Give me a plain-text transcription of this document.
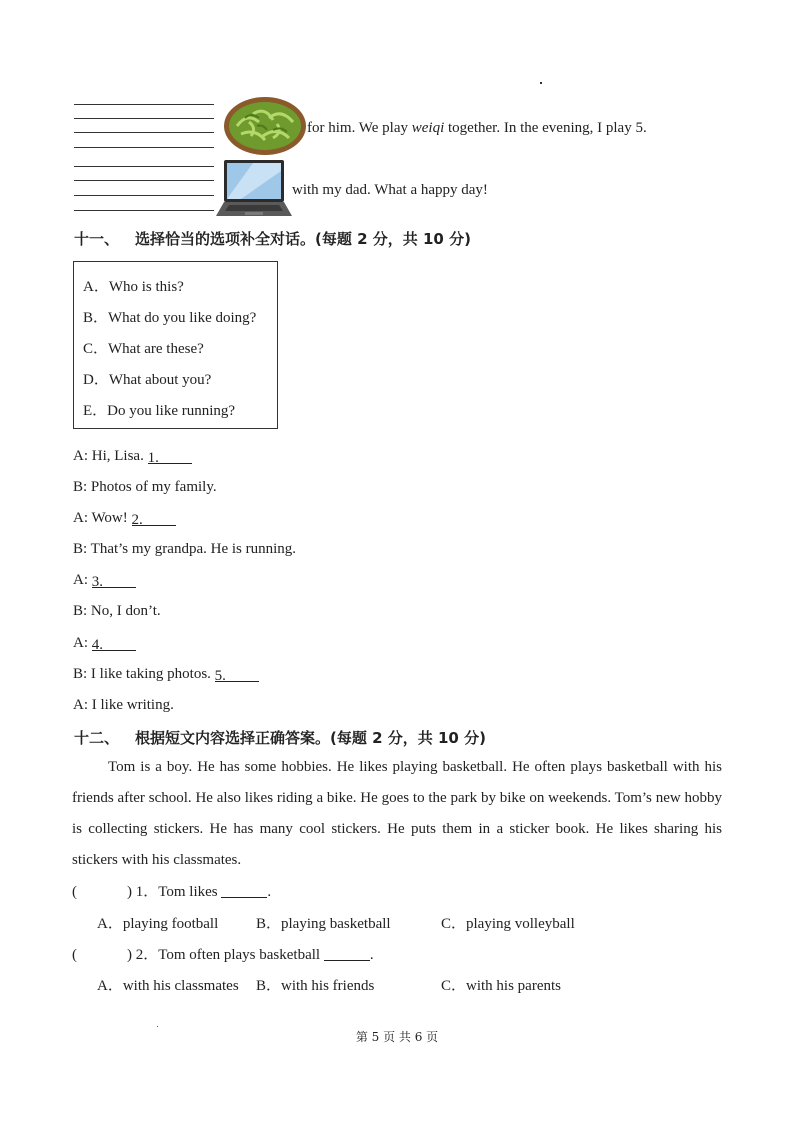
for him. We play weiqi together. In the evening, I play 5.
with my dad. What a happy day!
十一、 选择恰当的选项补全对话。(每题 2 分，共 10 分)
A．Who is this?
B．What do you like doing?
C．What are these?
D．What about you?
E．Do you like running?
A: Hi, Lisa. 1.
B: Photos of my family.
A: Wow! 2.
B: That’s my grandpa. He is running.
A: 3.
B: No, I don’t.
A: 4.
B: I like taking photos. 5.
A: I like writing.
十二、 根据短文内容选择正确答案。(每题 2 分，共 10 分)
Tom is a boy. He has some hobbies. He likes playing basketball. He often plays basketball with his friends after school. He also likes riding a bike. He goes to the park by bike on weekends. Tom’s new hobby is collecting stickers. He has many cool stickers. He puts them in a sticker book. He likes sharing his stickers with his classmates.
(	) 1．Tom likes	.
A．playing football	B．playing basketball	C．playing volleyball
(	) 2．Tom often plays basketball	.
A．with his classmates B．with his friends	C．with his parents
第 5 页 共 6 页
